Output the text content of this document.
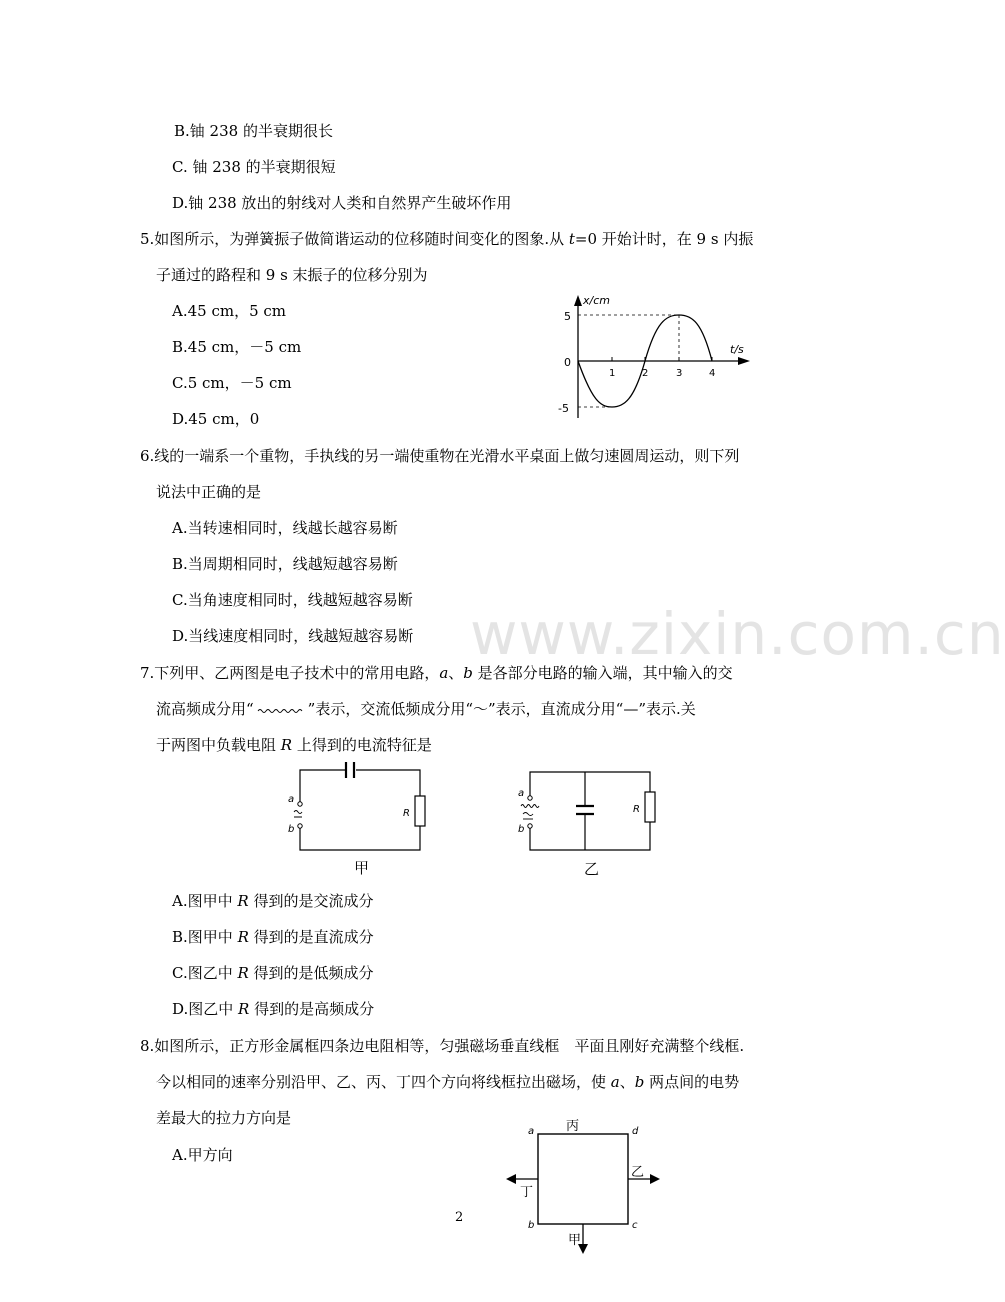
www.zixin.com.cn
B.铀 238 的半衰期很长
C. 铀 238 的半衰期很短
D.铀 238 放出的射线对人类和自然界产生破坏作用
5.如图所示，为弹簧振子做简谐运动的位移随时间变化的图象.从 t=0 开始计时，在 9 s 内振
子通过的路程和 9 s 末振子的位移分别为
A.45 cm，5 cm
B.45 cm，－5 cm
C.5 cm，－5 cm
D.45 cm，0
x/cm
t/s
5
0
-5
1	2	3	4
6.线的一端系一个重物，手执线的另一端使重物在光滑水平桌面上做匀速圆周运动，则下列
说法中正确的是
A.当转速相同时，线越长越容易断
B.当周期相同时，线越短越容易断
C.当角速度相同时，线越短越容易断
D.当线速度相同时，线越短越容易断
7.下列甲、乙两图是电子技术中的常用电路，a、b 是各部分电路的输入端，其中输入的交
流高频成分用“	”表示，交流低频成分用“～”表示，直流成分用“—”表示.关
于两图中负载电阻 R 上得到的电流特征是
R
a
b
甲
R
a
b
乙
A.图甲中 R 得到的是交流成分
B.图甲中 R 得到的是直流成分
C.图乙中 R 得到的是低频成分
D.图乙中 R 得到的是高频成分
8.如图所示，正方形金属框四条边电阻相等，匀强磁场垂直线框　平面且刚好充满整个线框.
今以相同的速率分别沿甲、乙、丙、丁四个方向将线框拉出磁场，使 a、b 两点间的电势
差最大的拉力方向是
A.甲方向
a	d
b	c
丙
乙
丁
甲
2
